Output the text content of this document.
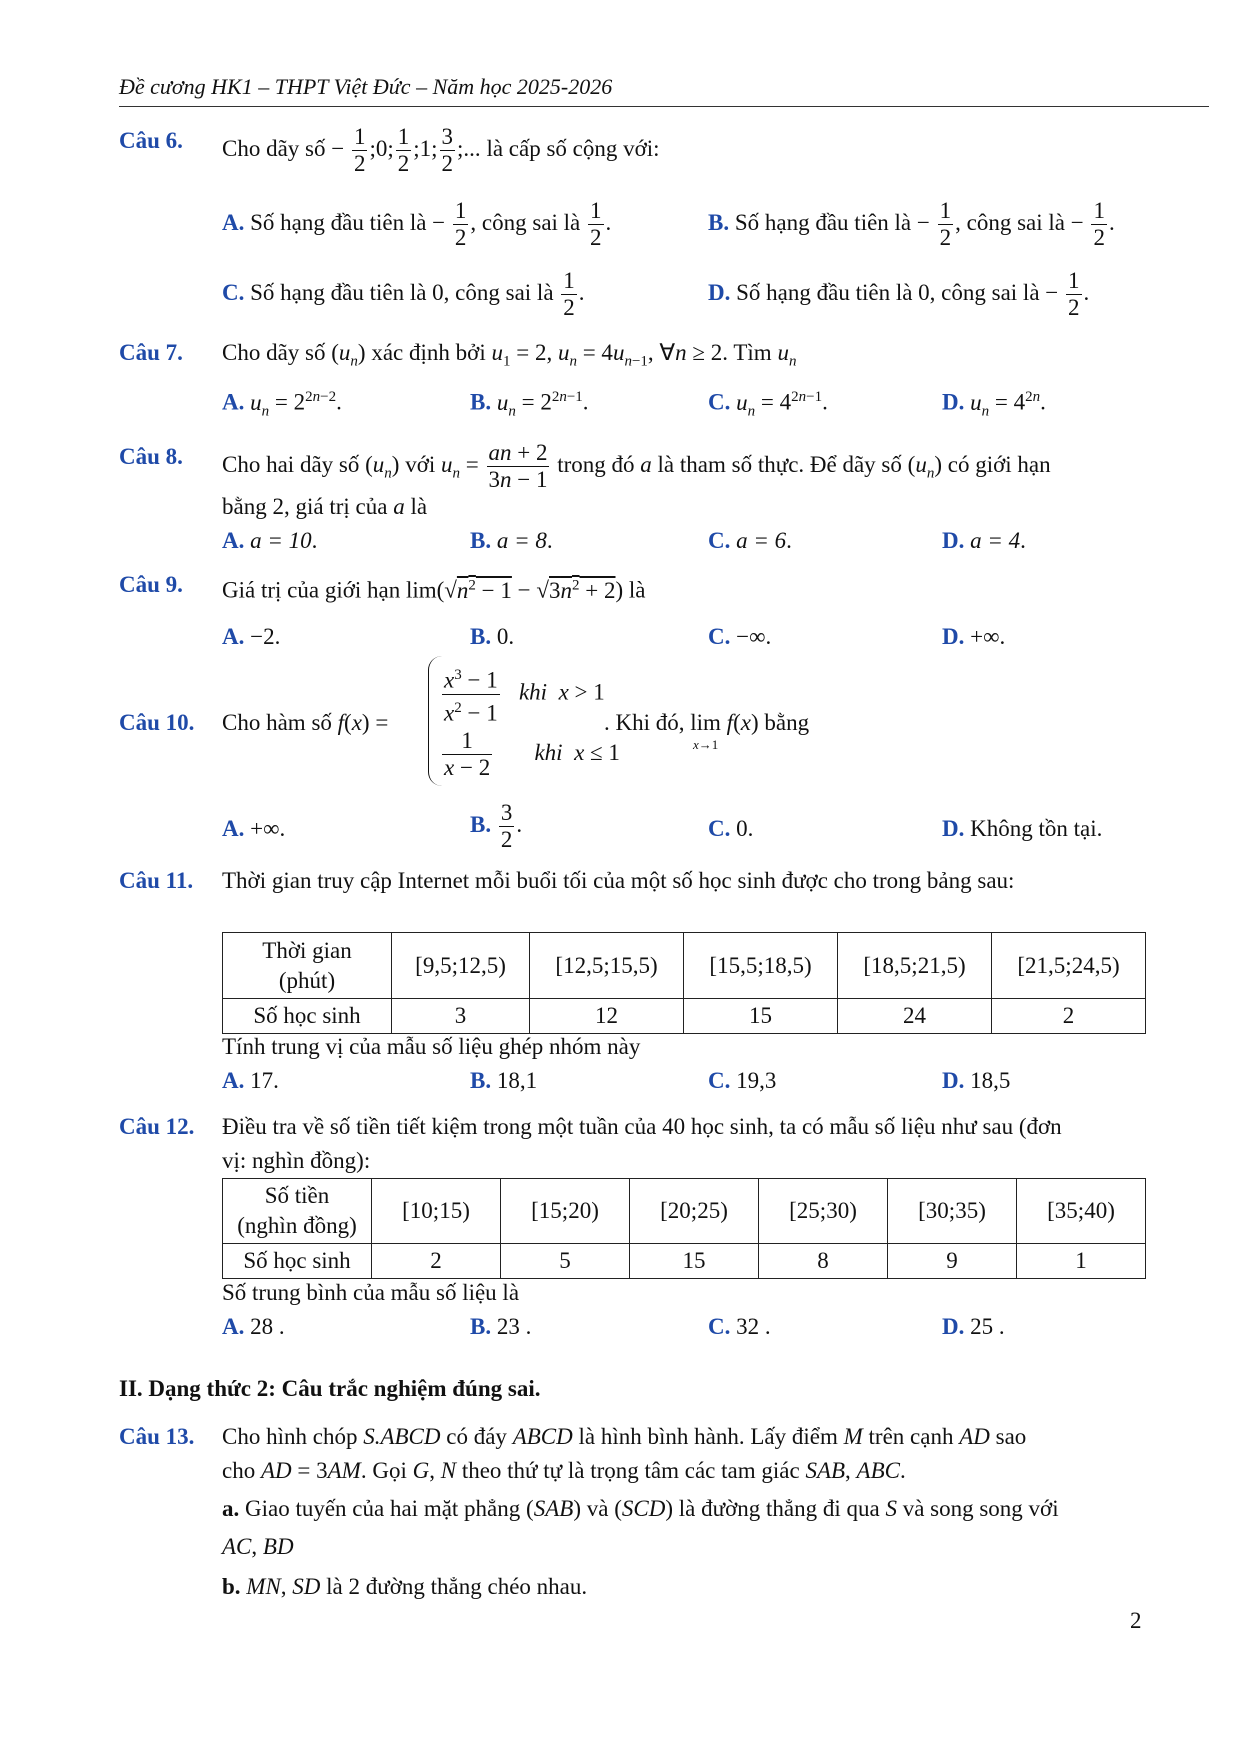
Đề cương HK1 – THPT Việt Đức – Năm học 2025-2026
Câu 6. Cho dãy số − $\frac{1}{2}$ ;0; $\frac{1}{2}$ ;1; $\frac{3}{2}$ ;... là cấp số cộng với:
A. Số hạng đầu tiên là − $\frac{1}{2}$ , công sai là $\frac{1}{2}$ .	B. Số hạng đầu tiên là − $\frac{1}{2}$ , công sai là − $\frac{1}{2}$ .
C. Số hạng đầu tiên là 0, công sai là $\frac{1}{2}$ .	D. Số hạng đầu tiên là 0, công sai là − $\frac{1}{2}$ .
Câu 7. Cho dãy số $(u_n)$ xác định bởi $u_1 = 2$, $u_n = 4u_{n-1}$, ∀n ≥ 2. Tìm $u_n$
A. $u_n = 2^{2n-2}$.	B. $u_n = 2^{2n-1}$.	C. $u_n = 4^{2n-1}$.	D. $u_n = 4^{2n}$.
Câu 8. Cho hai dãy số $(u_n)$ với $u_n = \frac{an + 2}{3n - 1}$ trong đó a là tham số thực. Để dãy số $(u_n)$ có giới hạn
bằng 2, giá trị của a là
A. a = 10.	B. a = 8.	C. a = 6.	D. a = 4.
Câu 9. Giá trị của giới hạn $\lim(√n^2 - 1 - √3n^2 + 2)$ là
A. −2.	B. 0.	C. −∞.	D. +∞.
Câu 10. Cho hàm số $f(x) = \frac{x^3 - 1}{x^2 - 1}$ khi x > 1
$\frac{1}{x - 2}$ khi x ≤ 1
. Khi đó, lim

x→1
f(x) bằng
A. +∞.	B. $\frac{3}{2}$ .	C. 0.	D. Không tồn tại.
Câu 11. Thời gian truy cập Internet mỗi buổi tối của một số học sinh được cho trong bảng sau:
Thời gian
(phút)	[9,5;12,5)	[12,5;15,5)	[15,5;18,5)	[18,5;21,5)	[21,5;24,5)
Số học sinh	3	12	15	24	2
Tính trung vị của mẫu số liệu ghép nhóm này
A. 17.	B. 18,1	C. 19,3	D. 18,5
Câu 12. Điều tra về số tiền tiết kiệm trong một tuần của 40 học sinh, ta có mẫu số liệu như sau (đơn
vị: nghìn đồng):
Số tiền
(nghìn đồng)	[10;15)	[15;20)	[20;25)	[25;30)	[30;35)	[35;40)
Số học sinh	2	5	15	8	9	1
Số trung bình của mẫu số liệu là
A. 28 .	B. 23 .	C. 32 .	D. 25 .
II. Dạng thức 2: Câu trắc nghiệm đúng sai.
Câu 13. Cho hình chóp S.ABCD có đáy ABCD là hình bình hành. Lấy điểm M trên cạnh AD sao
cho AD = 3AM. Gọi G, N theo thứ tự là trọng tâm các tam giác SAB, ABC.
a. Giao tuyến của hai mặt phẳng (SAB) và (SCD) là đường thẳng đi qua S và song song với
AC, BD
b. MN, SD là 2 đường thẳng chéo nhau.
2
